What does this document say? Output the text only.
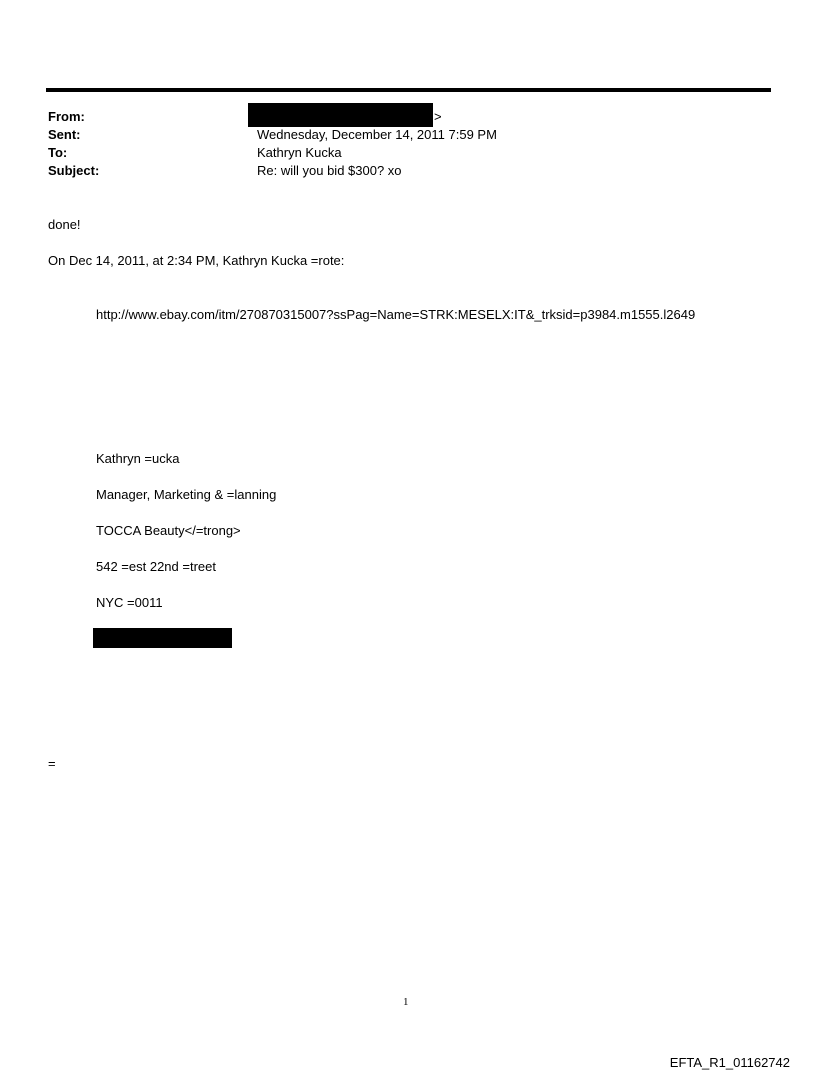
From:	>
Sent:	Wednesday, December 14, 2011 7:59 PM
To:	Kathryn Kucka
Subject:	Re: will you bid $300? xo
done!
On Dec 14, 2011, at 2:34 PM, Kathryn Kucka =rote:
http://www.ebay.com/itm/270870315007?ssPag=Name=STRK:MESELX:IT&_trksid=p3984.m1555.l2649
Kathryn =ucka
Manager, Marketing & =lanning
TOCCA Beauty</=trong>
542 =est 22nd =treet
NYC =0011
=
1
EFTA_R1_01162742
